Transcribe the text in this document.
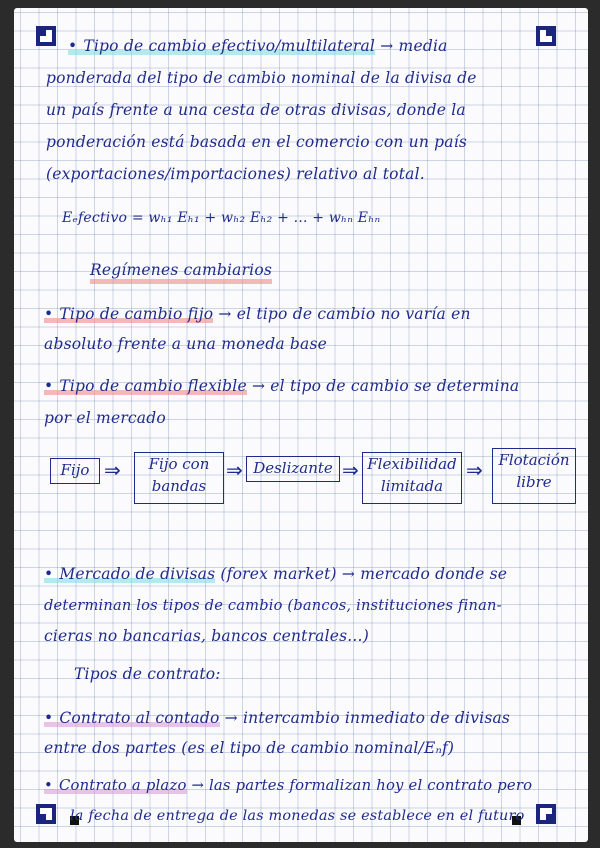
• Tipo de cambio efectivo/multilateral → media
ponderada del tipo de cambio nominal de la divisa de
un país frente a una cesta de otras divisas, donde la
ponderación está basada en el comercio con un país
(exportaciones/importaciones) relativo al total.
Eₑfectivo = wₕ₁ Eₕ₁ + wₕ₂ Eₕ₂ + ... + wₕₙ Eₕₙ
Regímenes cambiarios
• Tipo de cambio fijo → el tipo de cambio no varía en
absoluto frente a una moneda base
• Tipo de cambio flexible → el tipo de cambio se determina
por el mercado
Fijo ⇒	Fijo con
bandas
⇒ Deslizante ⇒ Flexibilidad
limitada
⇒	Flotación
libre
• Mercado de divisas (forex market) → mercado donde se
determinan los tipos de cambio (bancos, instituciones finan-
cieras no bancarias, bancos centrales...)
Tipos de contrato:
• Contrato al contado → intercambio inmediato de divisas
entre dos partes (es el tipo de cambio nominal/Eₙf)
• Contrato a plazo → las partes formalizan hoy el contrato pero
la fecha de entrega de las monedas se establece en el futuro
